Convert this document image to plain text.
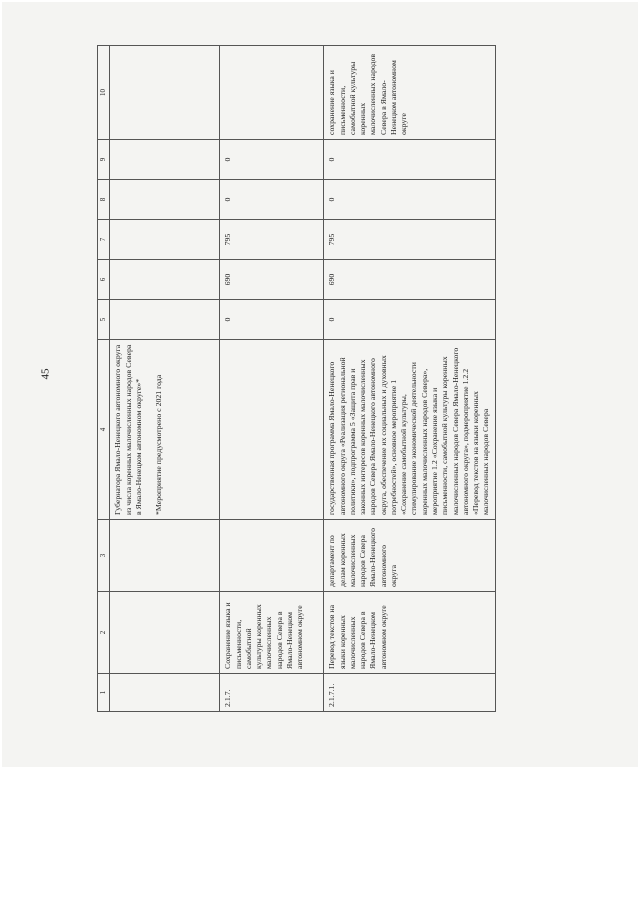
45
1	2	3	4	5	6	7	8	9	10
			Губернатора Ямало-Ненецкого автономного округа из числа коренных малочисленных народов Севера в Ямало-Ненецком автономном округе»*

*Мероприятие предусмотрено с 2021 года						
2.1.7.	Сохранение языка и письменности, самобытной культуры коренных малочисленных народов Севера в Ямало-Ненецком автономном округе			0	690	795	0	0	
2.1.7.1.	Перевод текстов на языки коренных малочисленных народов Севера в Ямало-Ненецком автономном округе	департамент по делам коренных малочисленных народов Севера Ямало-Ненецкого автономного округа	государственная программа Ямало-Ненецкого автономного округа «Реализация региональной политики», подпрограмма 5 «Защита прав и законных интересов коренных малочисленных народов Севера Ямало-Ненецкого автономного округа, обеспечение их социальных и духовных потребностей», основное мероприятие 1 «Сохранение самобытной культуры, стимулирование экономической деятельности коренных малочисленных народов Севера», мероприятие 1.2 «Сохранение языка и письменности, самобытной культуры коренных малочисленных народов Севера Ямало-Ненецкого автономного округа», подмероприятие 1.2.2 «Перевод текстов на языки коренных малочисленных народов Севера	0	690	795	0	0	сохранение языка и письменности, самобытной культуры коренных малочисленных народов Севера в Ямало-Ненецком автономном округе
